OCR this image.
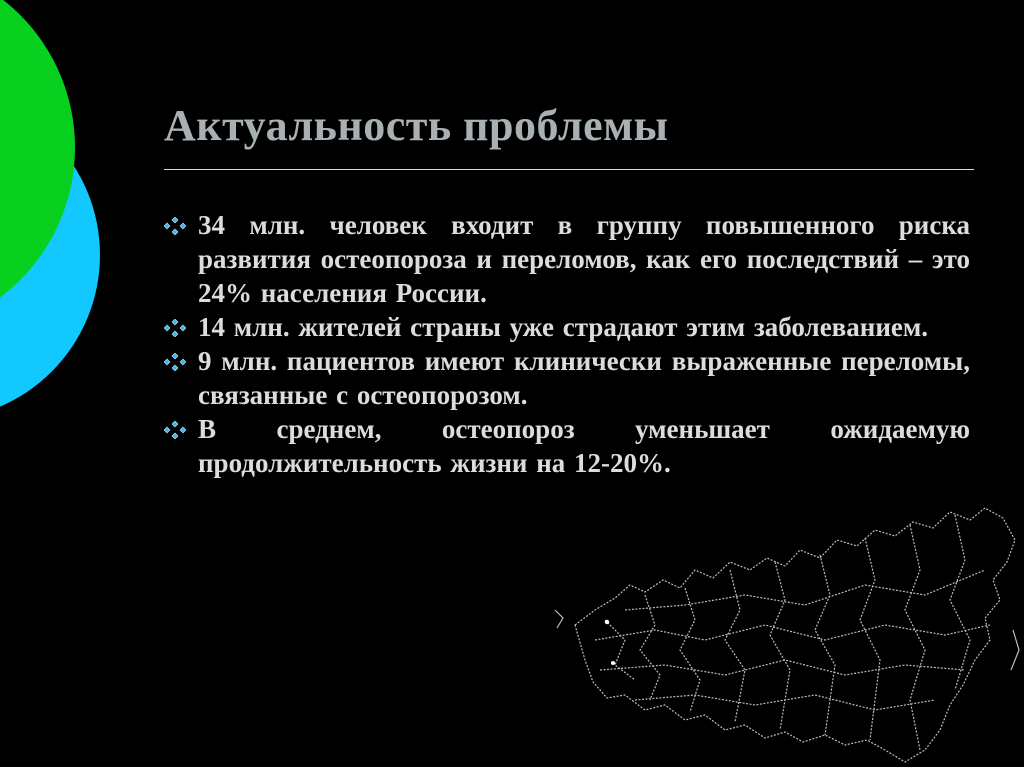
Актуальность проблемы
34 млн. человек входит в группу повышенного риска развития остеопороза и переломов, как его последствий – это 24% населения России.
14 млн. жителей страны уже страдают этим заболеванием.
9 млн. пациентов имеют клинически выраженные переломы, связанные с остеопорозом.
В среднем, остеопороз уменьшает ожидаемую продолжительность жизни на 12-20%.
